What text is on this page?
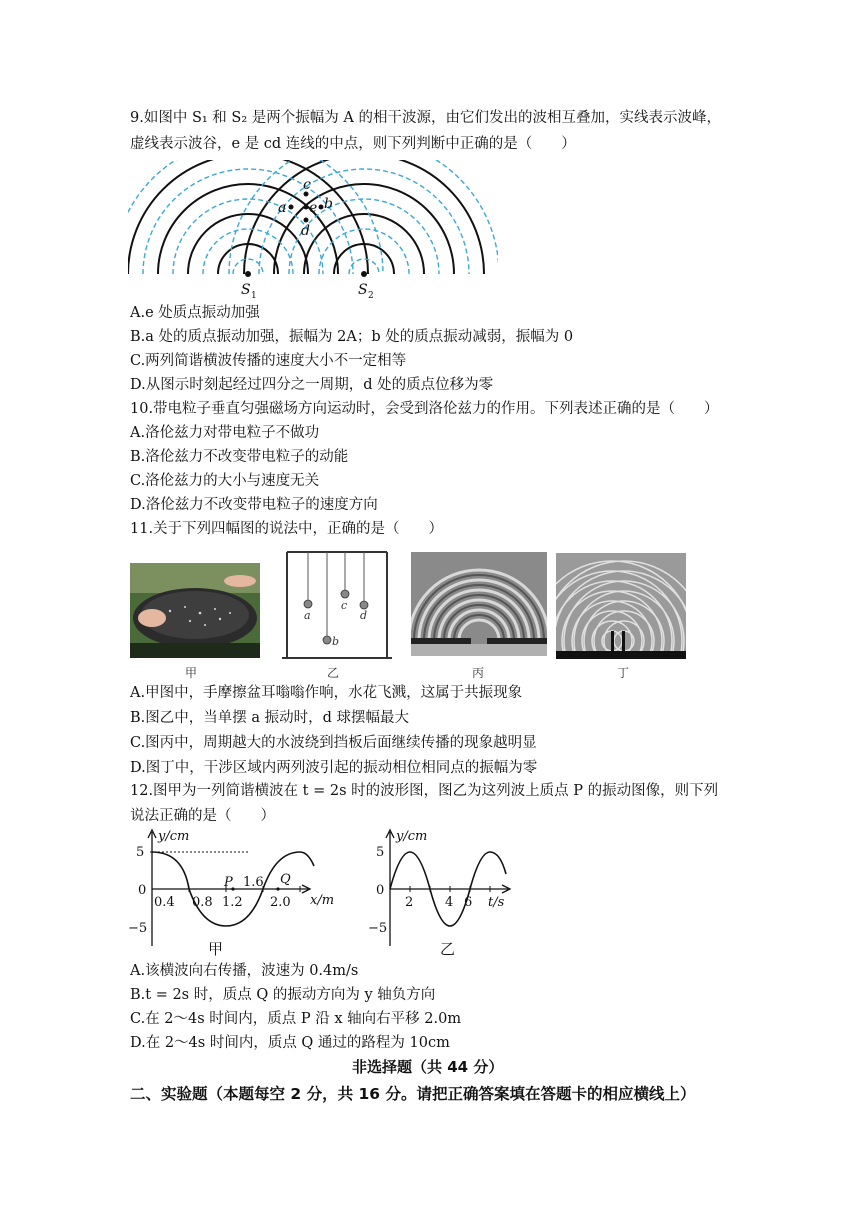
9.如图中 S₁ 和 S₂ 是两个振幅为 A 的相干波源，由它们发出的波相互叠加，实线表示波峰，
虚线表示波谷，e 是 cd 连线的中点，则下列判断中正确的是（　　）
c
a e b
d
S 1	S 2
A.e 处质点振动加强
B.a 处的质点振动加强，振幅为 2A；b 处的质点振动减弱，振幅为 0
C.两列简谐横波传播的速度大小不一定相等
D.从图示时刻起经过四分之一周期，d 处的质点位移为零
10.带电粒子垂直匀强磁场方向运动时，会受到洛伦兹力的作用。下列表述正确的是（　　）
A.洛伦兹力对带电粒子不做功
B.洛伦兹力不改变带电粒子的动能
C.洛伦兹力的大小与速度无关
D.洛伦兹力不改变带电粒子的速度方向
11.关于下列四幅图的说法中，正确的是（　　）
甲
a
b
c
d
乙	丙	丁
A.甲图中，手摩擦盆耳嗡嗡作响，水花飞溅，这属于共振现象
B.图乙中，当单摆 a 振动时，d 球摆幅最大
C.图丙中，周期越大的水波绕到挡板后面继续传播的现象越明显
D.图丁中，干涉区域内两列波引起的振动相位相同点的振幅为零
12.图甲为一列简谐横波在 t = 2s 时的波形图，图乙为这列波上质点 P 的振动图像，则下列
说法正确的是（　　）
y/cm
5
0
−5
0.4 0.8 1.2
1.6
2.0
P	Q
x/m
甲
y/cm
5
0
−5
2 4 6 t/s
乙
A.该横波向右传播，波速为 0.4m/s
B.t = 2s 时，质点 Q 的振动方向为 y 轴负方向
C.在 2～4s 时间内，质点 P 沿 x 轴向右平移 2.0m
D.在 2～4s 时间内，质点 Q 通过的路程为 10cm
非选择题（共 44 分）
二、实验题（本题每空 2 分，共 16 分。请把正确答案填在答题卡的相应横线上）
